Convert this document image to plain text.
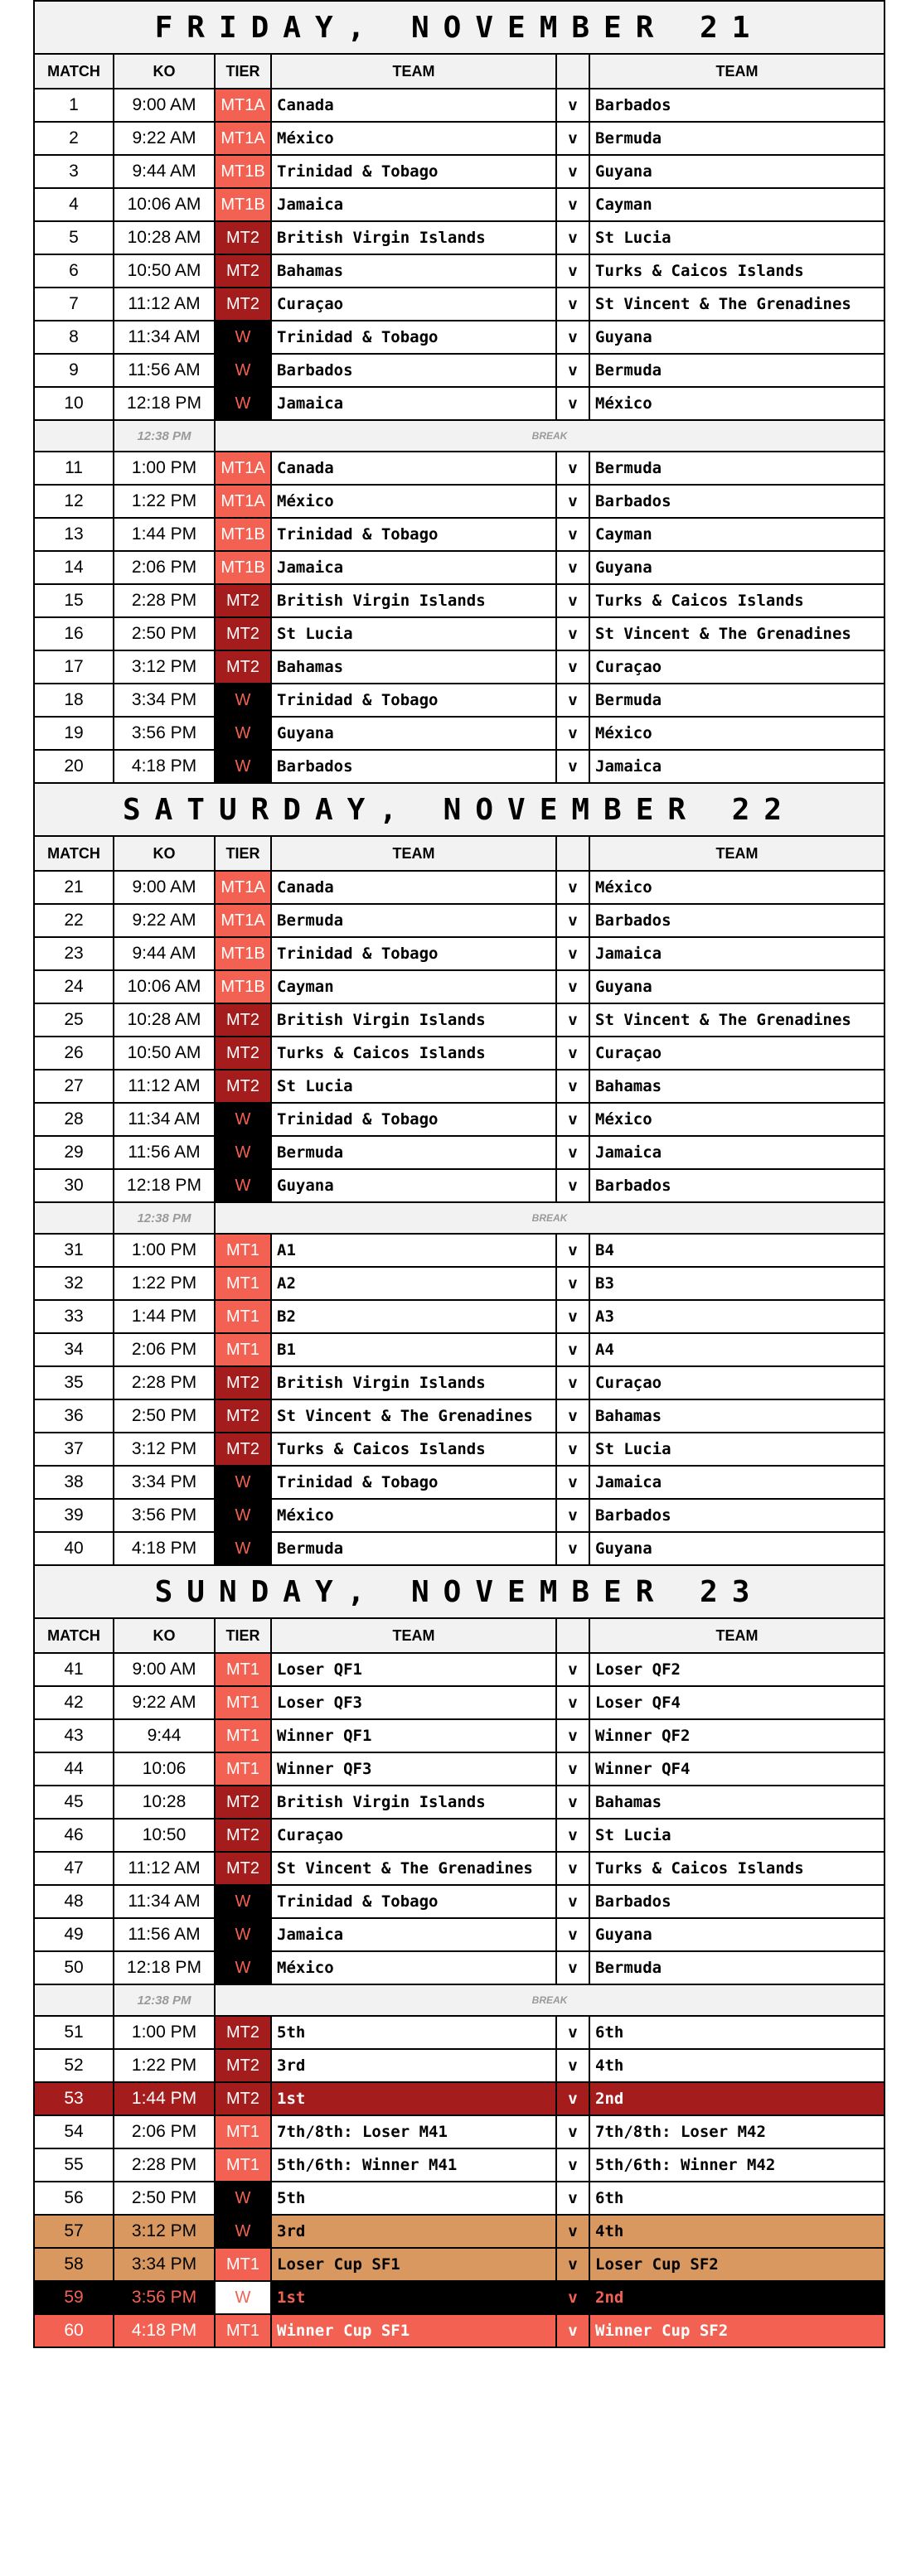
FRIDAY, NOVEMBER 21					
MATCH	KO	TIER	TEAM		TEAM
1	9:00 AM	MT1A	Canada	v	Barbados
2	9:22 AM	MT1A	México	v	Bermuda
3	9:44 AM	MT1B	Trinidad & Tobago	v	Guyana
4	10:06 AM	MT1B	Jamaica	v	Cayman
5	10:28 AM	MT2	British Virgin Islands	v	St Lucia
6	10:50 AM	MT2	Bahamas	v	Turks & Caicos Islands
7	11:12 AM	MT2	Curaçao	v	St Vincent & The Grenadines
8	11:34 AM	W	Trinidad & Tobago	v	Guyana
9	11:56 AM	W	Barbados	v	Bermuda
10	12:18 PM	W	Jamaica	v	México
	12:38 PM	BREAK			
11	1:00 PM	MT1A	Canada	v	Bermuda
12	1:22 PM	MT1A	México	v	Barbados
13	1:44 PM	MT1B	Trinidad & Tobago	v	Cayman
14	2:06 PM	MT1B	Jamaica	v	Guyana
15	2:28 PM	MT2	British Virgin Islands	v	Turks & Caicos Islands
16	2:50 PM	MT2	St Lucia	v	St Vincent & The Grenadines
17	3:12 PM	MT2	Bahamas	v	Curaçao
18	3:34 PM	W	Trinidad & Tobago	v	Bermuda
19	3:56 PM	W	Guyana	v	México
20	4:18 PM	W	Barbados	v	Jamaica
SATURDAY, NOVEMBER 22					
MATCH	KO	TIER	TEAM		TEAM
21	9:00 AM	MT1A	Canada	v	México
22	9:22 AM	MT1A	Bermuda	v	Barbados
23	9:44 AM	MT1B	Trinidad & Tobago	v	Jamaica
24	10:06 AM	MT1B	Cayman	v	Guyana
25	10:28 AM	MT2	British Virgin Islands	v	St Vincent & The Grenadines
26	10:50 AM	MT2	Turks & Caicos Islands	v	Curaçao
27	11:12 AM	MT2	St Lucia	v	Bahamas
28	11:34 AM	W	Trinidad & Tobago	v	México
29	11:56 AM	W	Bermuda	v	Jamaica
30	12:18 PM	W	Guyana	v	Barbados
	12:38 PM	BREAK			
31	1:00 PM	MT1	A1	v	B4
32	1:22 PM	MT1	A2	v	B3
33	1:44 PM	MT1	B2	v	A3
34	2:06 PM	MT1	B1	v	A4
35	2:28 PM	MT2	British Virgin Islands	v	Curaçao
36	2:50 PM	MT2	St Vincent & The Grenadines	v	Bahamas
37	3:12 PM	MT2	Turks & Caicos Islands	v	St Lucia
38	3:34 PM	W	Trinidad & Tobago	v	Jamaica
39	3:56 PM	W	México	v	Barbados
40	4:18 PM	W	Bermuda	v	Guyana
SUNDAY, NOVEMBER 23					
MATCH	KO	TIER	TEAM		TEAM
41	9:00 AM	MT1	Loser QF1	v	Loser QF2
42	9:22 AM	MT1	Loser QF3	v	Loser QF4
43	9:44	MT1	Winner QF1	v	Winner QF2
44	10:06	MT1	Winner QF3	v	Winner QF4
45	10:28	MT2	British Virgin Islands	v	Bahamas
46	10:50	MT2	Curaçao	v	St Lucia
47	11:12 AM	MT2	St Vincent & The Grenadines	v	Turks & Caicos Islands
48	11:34 AM	W	Trinidad & Tobago	v	Barbados
49	11:56 AM	W	Jamaica	v	Guyana
50	12:18 PM	W	México	v	Bermuda
	12:38 PM	BREAK			
51	1:00 PM	MT2	5th	v	6th
52	1:22 PM	MT2	3rd	v	4th
53	1:44 PM	MT2	1st	v	2nd
54	2:06 PM	MT1	7th/8th: Loser M41	v	7th/8th: Loser M42
55	2:28 PM	MT1	5th/6th: Winner M41	v	5th/6th: Winner M42
56	2:50 PM	W	5th	v	6th
57	3:12 PM	W	3rd	v	4th
58	3:34 PM	MT1	Loser Cup SF1	v	Loser Cup SF2
59	3:56 PM	W	1st	v	2nd
60	4:18 PM	MT1	Winner Cup SF1	v	Winner Cup SF2
